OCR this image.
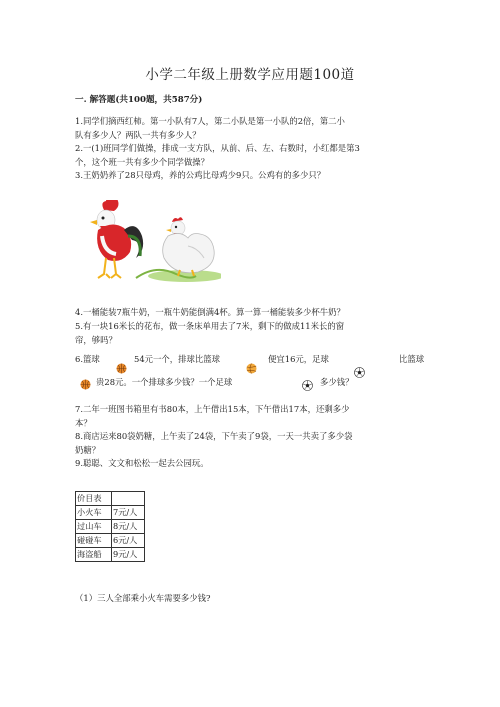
小学二年级上册数学应用题100道
一. 解答题(共100题，共587分)
1.同学们摘西红柿。第一小队有7人，第二小队是第一小队的2倍，第二小
队有多少人？两队一共有多少人？
2.一(1)班同学们做操，排成一支方队，从前、后、左、右数时，小红都是第3
个，这个班一共有多少个同学做操？
3.王奶奶养了28只母鸡，养的公鸡比母鸡少9只。公鸡有的多少只？
4.一桶能装7瓶牛奶，一瓶牛奶能倒满4杯。算一算一桶能装多少杯牛奶？
5.有一块16米长的花布，做一条床单用去了7米，剩下的做成11米长的窗
帘，够吗？
6.篮球	54元一个，排球比篮球	便宜16元，足球	比篮球
贵28元。一个排球多少钱？一个足球	多少钱？
7.二年一班图书箱里有书80本，上午借出15本，下午借出17本，还剩多少
本？
8.商店运来80袋奶糖，上午卖了24袋，下午卖了9袋，一天一共卖了多少袋
奶糖？
9.聪聪、文文和松松一起去公园玩。
价目表	
小火车	7元/人
过山车	8元/人
碰碰车	6元/人
海盗船	9元/人
（1）三人全部乘小火车需要多少钱?
